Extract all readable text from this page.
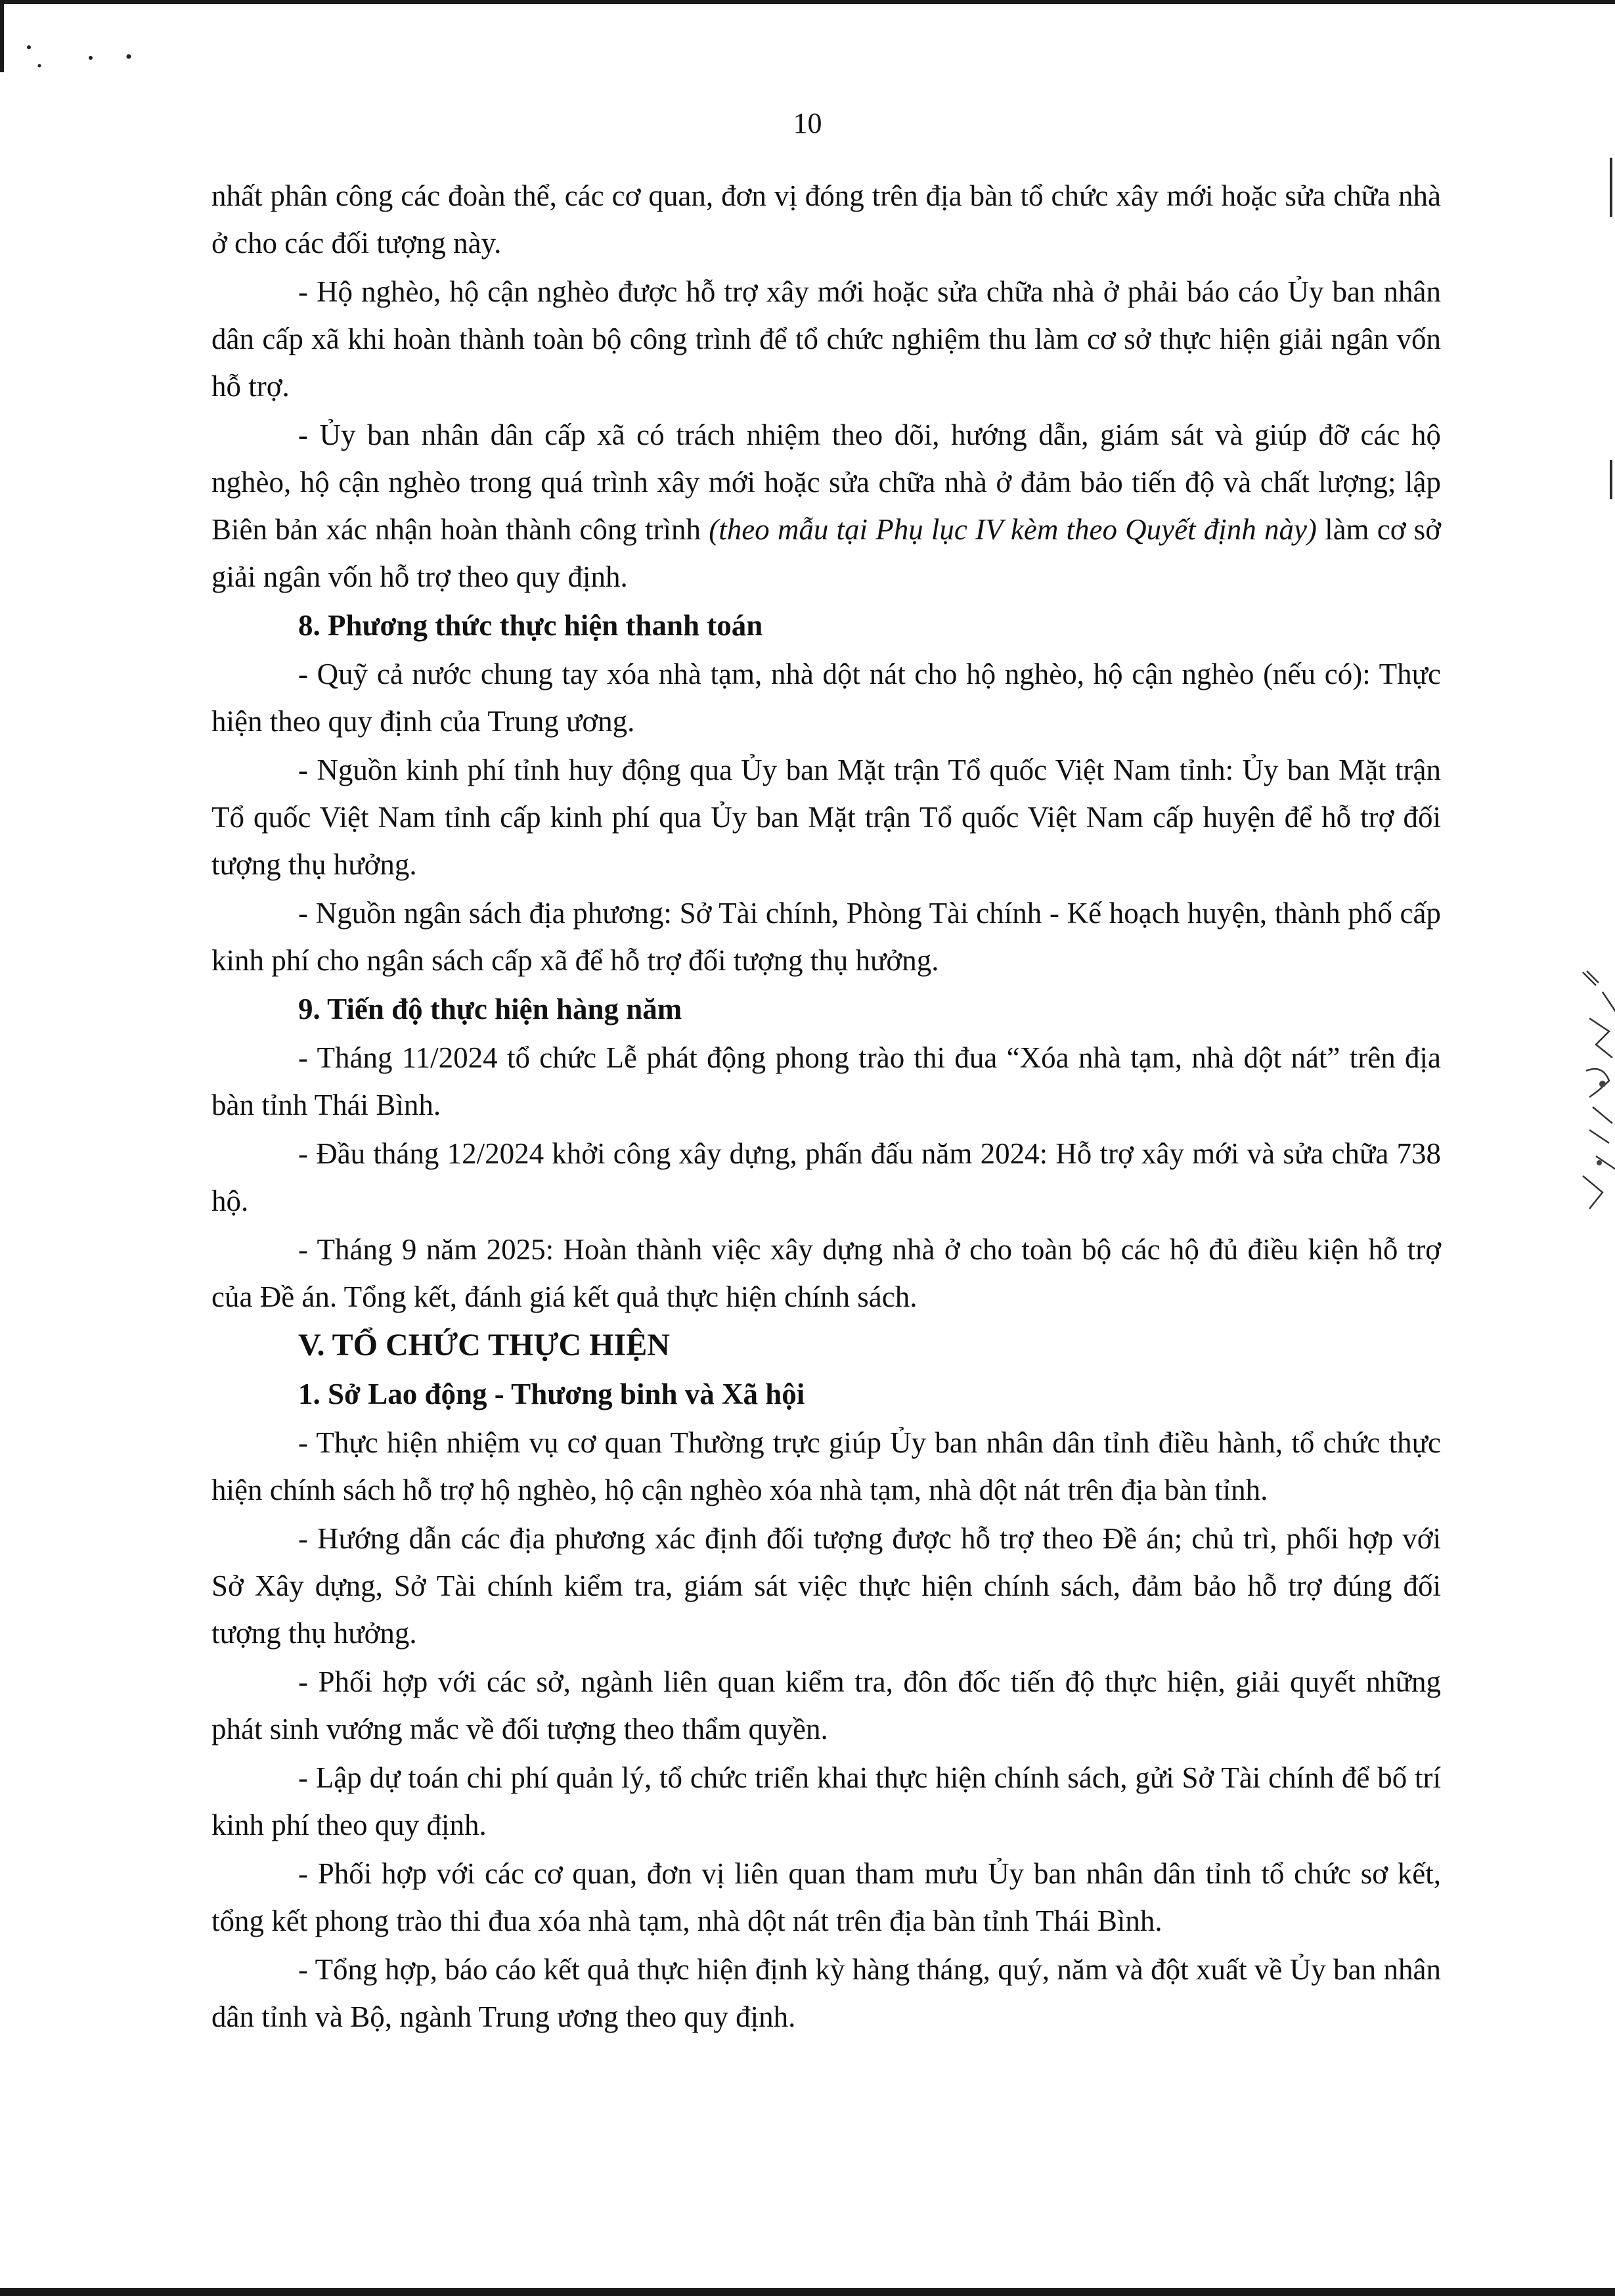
10

nhất phân công các đoàn thể, các cơ quan, đơn vị đóng trên địa bàn tổ chức xây mới hoặc sửa chữa nhà ở cho các đối tượng này.

- Hộ nghèo, hộ cận nghèo được hỗ trợ xây mới hoặc sửa chữa nhà ở phải báo cáo Ủy ban nhân dân cấp xã khi hoàn thành toàn bộ công trình để tổ chức nghiệm thu làm cơ sở thực hiện giải ngân vốn hỗ trợ.

- Ủy ban nhân dân cấp xã có trách nhiệm theo dõi, hướng dẫn, giám sát và giúp đỡ các hộ nghèo, hộ cận nghèo trong quá trình xây mới hoặc sửa chữa nhà ở đảm bảo tiến độ và chất lượng; lập Biên bản xác nhận hoàn thành công trình (theo mẫu tại Phụ lục IV kèm theo Quyết định này) làm cơ sở giải ngân vốn hỗ trợ theo quy định.

8. Phương thức thực hiện thanh toán

- Quỹ cả nước chung tay xóa nhà tạm, nhà dột nát cho hộ nghèo, hộ cận nghèo (nếu có): Thực hiện theo quy định của Trung ương.

- Nguồn kinh phí tỉnh huy động qua Ủy ban Mặt trận Tổ quốc Việt Nam tỉnh: Ủy ban Mặt trận Tổ quốc Việt Nam tỉnh cấp kinh phí qua Ủy ban Mặt trận Tổ quốc Việt Nam cấp huyện để hỗ trợ đối tượng thụ hưởng.

- Nguồn ngân sách địa phương: Sở Tài chính, Phòng Tài chính - Kế hoạch huyện, thành phố cấp kinh phí cho ngân sách cấp xã để hỗ trợ đối tượng thụ hưởng.

9. Tiến độ thực hiện hàng năm

- Tháng 11/2024 tổ chức Lễ phát động phong trào thi đua “Xóa nhà tạm, nhà dột nát” trên địa bàn tỉnh Thái Bình.

- Đầu tháng 12/2024 khởi công xây dựng, phấn đấu năm 2024: Hỗ trợ xây mới và sửa chữa 738 hộ.

- Tháng 9 năm 2025: Hoàn thành việc xây dựng nhà ở cho toàn bộ các hộ đủ điều kiện hỗ trợ của Đề án. Tổng kết, đánh giá kết quả thực hiện chính sách.

V. TỔ CHỨC THỰC HIỆN

1. Sở Lao động - Thương binh và Xã hội

- Thực hiện nhiệm vụ cơ quan Thường trực giúp Ủy ban nhân dân tỉnh điều hành, tổ chức thực hiện chính sách hỗ trợ hộ nghèo, hộ cận nghèo xóa nhà tạm, nhà dột nát trên địa bàn tỉnh.

- Hướng dẫn các địa phương xác định đối tượng được hỗ trợ theo Đề án; chủ trì, phối hợp với Sở Xây dựng, Sở Tài chính kiểm tra, giám sát việc thực hiện chính sách, đảm bảo hỗ trợ đúng đối tượng thụ hưởng.

- Phối hợp với các sở, ngành liên quan kiểm tra, đôn đốc tiến độ thực hiện, giải quyết những phát sinh vướng mắc về đối tượng theo thẩm quyền.

- Lập dự toán chi phí quản lý, tổ chức triển khai thực hiện chính sách, gửi Sở Tài chính để bố trí kinh phí theo quy định.

- Phối hợp với các cơ quan, đơn vị liên quan tham mưu Ủy ban nhân dân tỉnh tổ chức sơ kết, tổng kết phong trào thi đua xóa nhà tạm, nhà dột nát trên địa bàn tỉnh Thái Bình.

- Tổng hợp, báo cáo kết quả thực hiện định kỳ hàng tháng, quý, năm và đột xuất về Ủy ban nhân dân tỉnh và Bộ, ngành Trung ương theo quy định.
